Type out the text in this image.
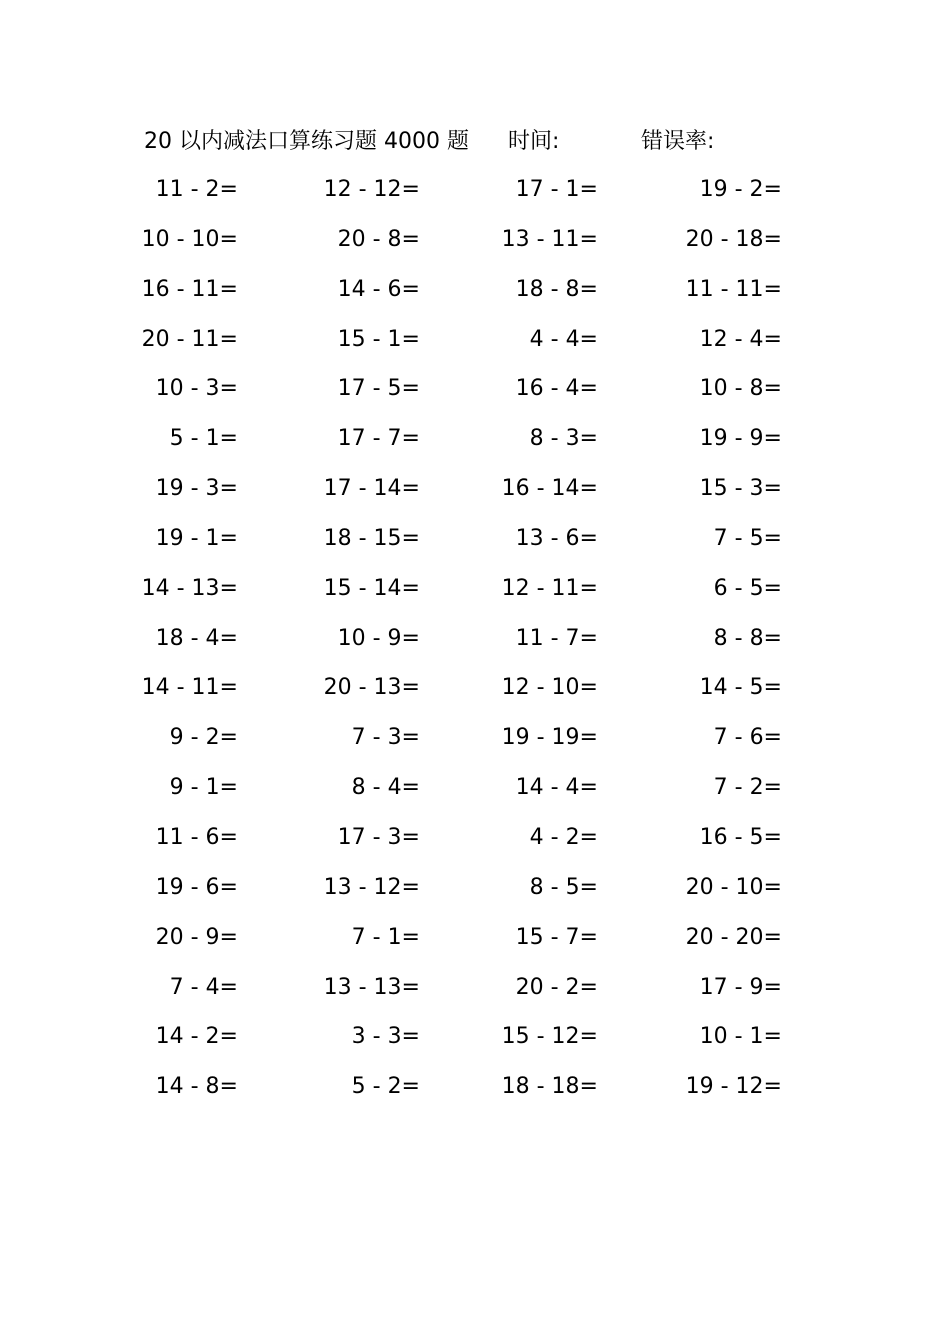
20 以内减法口算练习题 4000 题 时间:	错误率:
11 - 2=	12 - 12=	17 - 1=	19 - 2=
10 - 10=	20 - 8=	13 - 11=	20 - 18=
16 - 11=	14 - 6=	18 - 8=	11 - 11=
20 - 11=	15 - 1=	4 - 4=	12 - 4=
10 - 3=	17 - 5=	16 - 4=	10 - 8=
5 - 1=	17 - 7=	8 - 3=	19 - 9=
19 - 3=	17 - 14=	16 - 14=	15 - 3=
19 - 1=	18 - 15=	13 - 6=	7 - 5=
14 - 13=	15 - 14=	12 - 11=	6 - 5=
18 - 4=	10 - 9=	11 - 7=	8 - 8=
14 - 11=	20 - 13=	12 - 10=	14 - 5=
9 - 2=	7 - 3=	19 - 19=	7 - 6=
9 - 1=	8 - 4=	14 - 4=	7 - 2=
11 - 6=	17 - 3=	4 - 2=	16 - 5=
19 - 6=	13 - 12=	8 - 5=	20 - 10=
20 - 9=	7 - 1=	15 - 7=	20 - 20=
7 - 4=	13 - 13=	20 - 2=	17 - 9=
14 - 2=	3 - 3=	15 - 12=	10 - 1=
14 - 8=	5 - 2=	18 - 18=	19 - 12=
